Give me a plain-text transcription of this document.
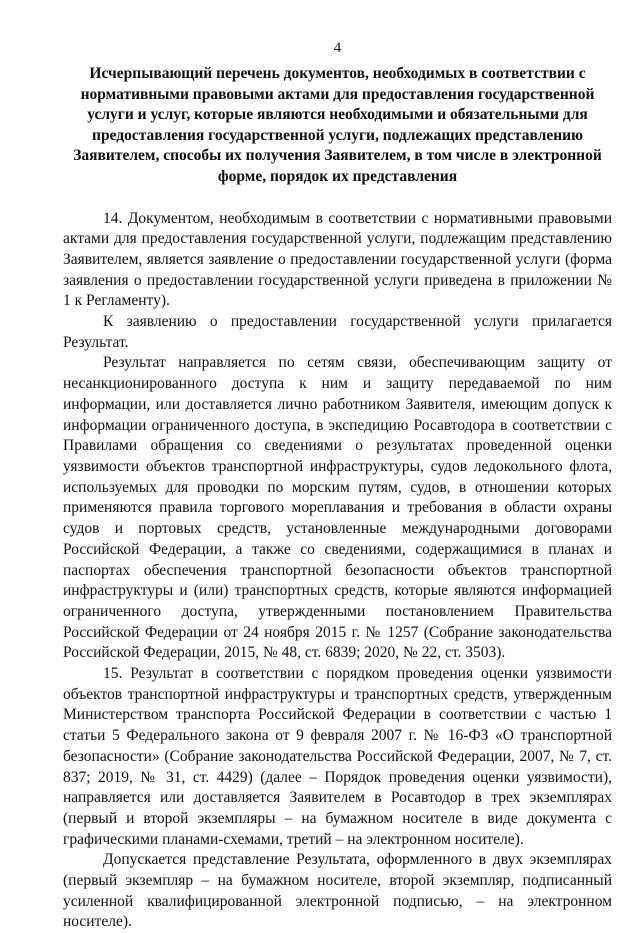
4
Исчерпывающий перечень документов, необходимых в соответствии с нормативными правовыми актами для предоставления государственной услуги и услуг, которые являются необходимыми и обязательными для предоставления государственной услуги, подлежащих представлению Заявителем, способы их получения Заявителем, в том числе в электронной форме, порядок их представления

14. Документом, необходимым в соответствии с нормативными правовыми актами для предоставления государственной услуги, подлежащим представлению Заявителем, является заявление о предоставлении государственной услуги (форма заявления о предоставлении государственной услуги приведена в приложении № 1 к Регламенту).

К заявлению о предоставлении государственной услуги прилагается Результат.

Результат направляется по сетям связи, обеспечивающим защиту от несанкционированного доступа к ним и защиту передаваемой по ним информации, или доставляется лично работником Заявителя, имеющим допуск к информации ограниченного доступа, в экспедицию Росавтодора в соответствии с Правилами обращения со сведениями о результатах проведенной оценки уязвимости объектов транспортной инфраструктуры, судов ледокольного флота, используемых для проводки по морским путям, судов, в отношении которых применяются правила торгового мореплавания и требования в области охраны судов и портовых средств, установленные международными договорами Российской Федерации, а также со сведениями, содержащимися в планах и паспортах обеспечения транспортной безопасности объектов транспортной инфраструктуры и (или) транспортных средств, которые являются информацией ограниченного доступа, утвержденными постановлением Правительства Российской Федерации от 24 ноября 2015 г. № 1257 (Собрание законодательства Российской Федерации, 2015, № 48, ст. 6839; 2020, № 22, ст. 3503).

15. Результат в соответствии с порядком проведения оценки уязвимости объектов транспортной инфраструктуры и транспортных средств, утвержденным Министерством транспорта Российской Федерации в соответствии с частью 1 статьи 5 Федерального закона от 9 февраля 2007 г. № 16-ФЗ «О транспортной безопасности» (Собрание законодательства Российской Федерации, 2007, № 7, ст. 837; 2019, № 31, ст. 4429) (далее – Порядок проведения оценки уязвимости), направляется или доставляется Заявителем в Росавтодор в трех экземплярах (первый и второй экземпляры – на бумажном носителе в виде документа с графическими планами-схемами, третий – на электронном носителе).

Допускается представление Результата, оформленного в двух экземплярах (первый экземпляр – на бумажном носителе, второй экземпляр, подписанный усиленной квалифицированной электронной подписью, – на электронном носителе).
